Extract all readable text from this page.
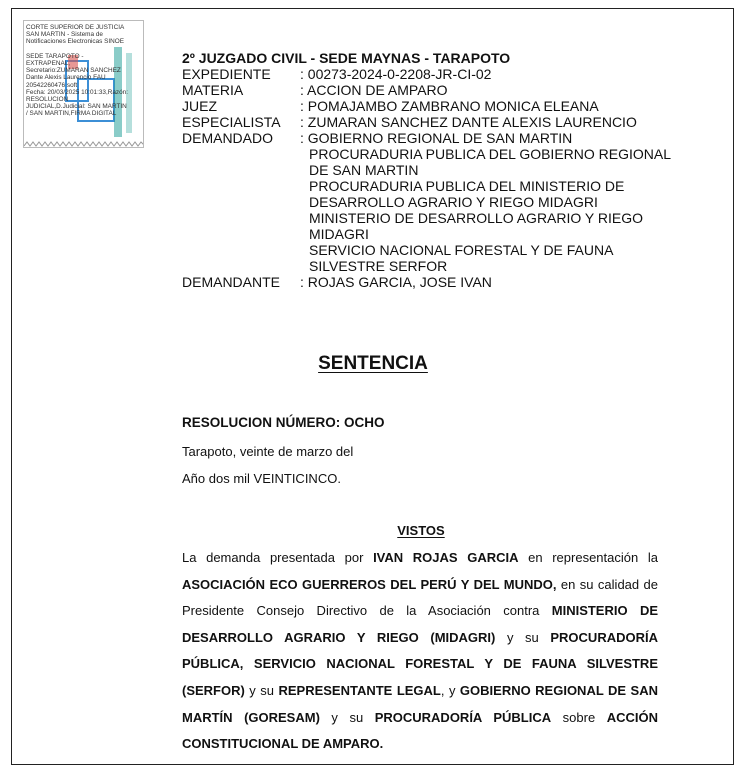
CORTE SUPERIOR DE JUSTICIA
SAN MARTIN - Sistema de
Notificaciones Electronicas SINOE

SEDE TARAPOTO -
EXTRAPENAL,
Secretario:ZUMARAN SANCHEZ
Dante Alexis Laurencio FAU
20542260476 soft
Fecha: 20/03/2025 10:01:33,Razón:
RESOLUCIÓN
JUDICIAL,D.Judicial: SAN MARTIN
/ SAN MARTIN,FIRMA DIGITAL
2º JUZGADO CIVIL - SEDE MAYNAS - TARAPOTO
EXPEDIENTE : 00273-2024-0-2208-JR-CI-02
MATERIA	: ACCION DE AMPARO
JUEZ	: POMAJAMBO ZAMBRANO MONICA ELEANA
ESPECIALISTA : ZUMARAN SANCHEZ DANTE ALEXIS LAURENCIO
DEMANDADO : GOBIERNO REGIONAL DE SAN MARTIN
PROCURADURIA PUBLICA DEL GOBIERNO REGIONAL
DE SAN MARTIN
PROCURADURIA PUBLICA DEL MINISTERIO DE
DESARROLLO AGRARIO Y RIEGO MIDAGRI
MINISTERIO DE DESARROLLO AGRARIO Y RIEGO
MIDAGRI
SERVICIO NACIONAL FORESTAL Y DE FAUNA
SILVESTRE SERFOR
DEMANDANTE : ROJAS GARCIA, JOSE IVAN
SENTENCIA
RESOLUCION NÚMERO: OCHO
Tarapoto, veinte de marzo del
Año dos mil VEINTICINCO.
VISTOS
La demanda presentada por IVAN ROJAS GARCIA en representación la ASOCIACIÓN ECO GUERREROS DEL PERÚ Y DEL MUNDO, en su calidad de Presidente Consejo Directivo de la Asociación contra MINISTERIO DE DESARROLLO AGRARIO Y RIEGO (MIDAGRI) y su PROCURADORÍA PÚBLICA, SERVICIO NACIONAL FORESTAL Y DE FAUNA SILVESTRE (SERFOR) y su REPRESENTANTE LEGAL, y GOBIERNO REGIONAL DE SAN MARTÍN (GORESAM) y su PROCURADORÍA PÚBLICA sobre ACCIÓN CONSTITUCIONAL DE AMPARO.
